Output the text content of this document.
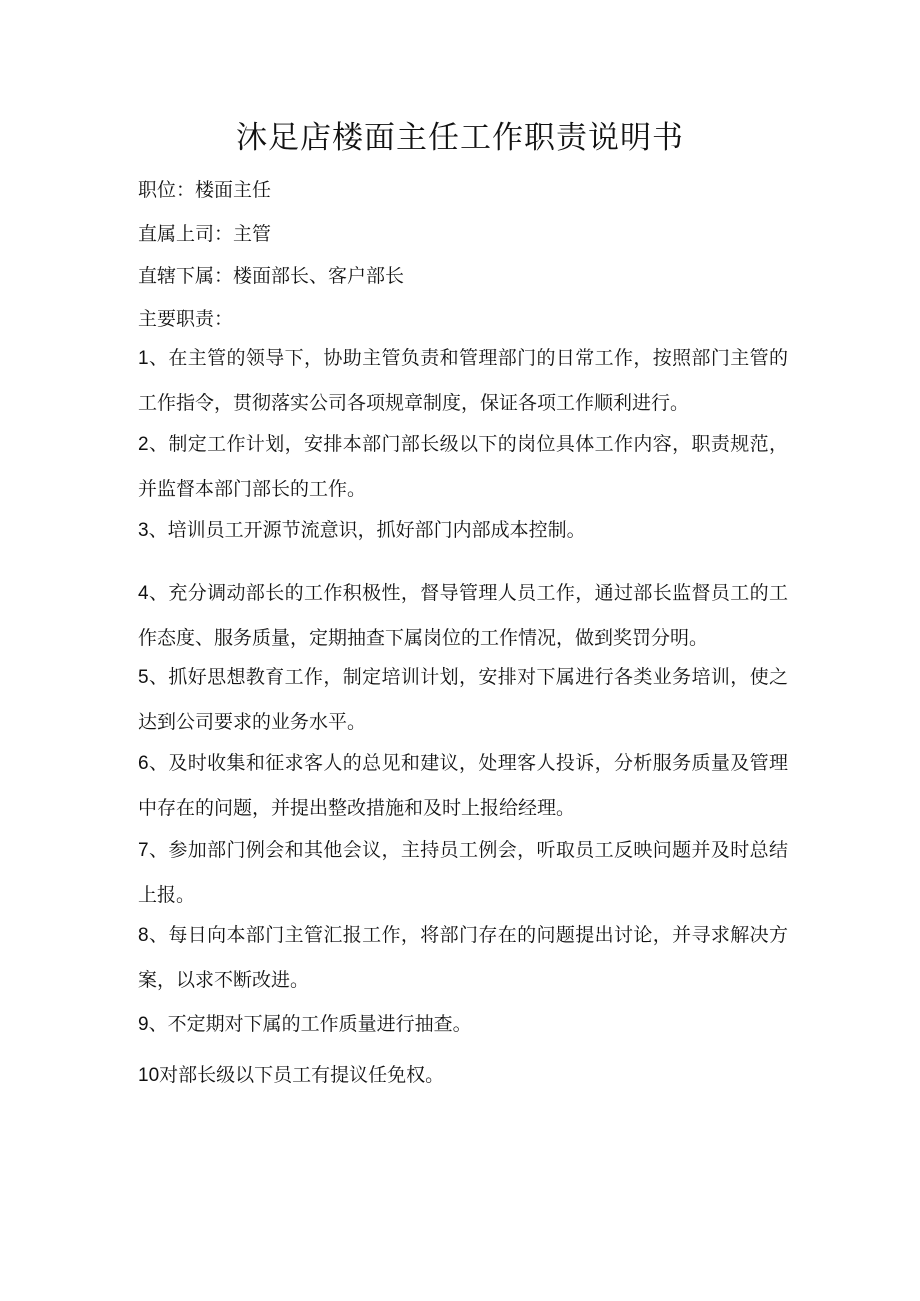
沐足店楼面主任工作职责说明书

职位：楼面主任

直属上司：主管

直辖下属：楼面部长、客户部长

主要职责：

1、在主管的领导下，协助主管负责和管理部门的日常工作，按照部门主管的工作指令，贯彻落实公司各项规章制度，保证各项工作顺利进行。

2、制定工作计划，安排本部门部长级以下的岗位具体工作内容，职责规范，并监督本部门部长的工作。

3、培训员工开源节流意识，抓好部门内部成本控制。

4、充分调动部长的工作积极性，督导管理人员工作，通过部长监督员工的工作态度、服务质量，定期抽查下属岗位的工作情况，做到奖罚分明。

5、抓好思想教育工作，制定培训计划，安排对下属进行各类业务培训，使之达到公司要求的业务水平。

6、及时收集和征求客人的总见和建议，处理客人投诉，分析服务质量及管理中存在的问题，并提出整改措施和及时上报给经理。

7、参加部门例会和其他会议，主持员工例会，听取员工反映问题并及时总结上报。

8、每日向本部门主管汇报工作，将部门存在的问题提出讨论，并寻求解决方案，以求不断改进。

9、不定期对下属的工作质量进行抽查。

10对部长级以下员工有提议任免权。
